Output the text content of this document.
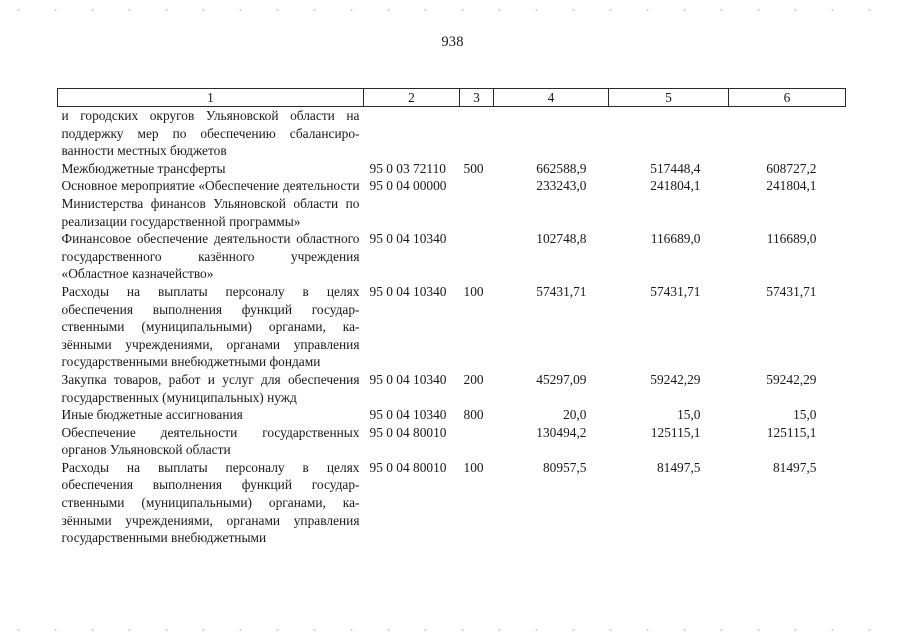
938
1	2	3	4	5	6
и городских округов Ульяновской области на поддержку мер по обеспечению сбалансированности местных бюджетов					
Межбюджетные трансферты	95 0 03 72110	500	662588,9	517448,4	608727,2
Основное мероприятие «Обеспечение деятельности Министерства финансов Ульяновской области по реализации государственной программы»	95 0 04 00000		233243,0	241804,1	241804,1
Финансовое обеспечение деятельности областного государственного казённого учреждения «Областное казначейство»	95 0 04 10340		102748,8	116689,0	116689,0
Расходы на выплаты персоналу в целях обеспечения выполнения функций государственными (муниципальными) органами, казёнными учреждениями, органами управления государственными внебюджетными фондами	95 0 04 10340	100	57431,71	57431,71	57431,71
Закупка товаров, работ и услуг для обеспечения государственных (муниципальных) нужд	95 0 04 10340	200	45297,09	59242,29	59242,29
Иные бюджетные ассигнования	95 0 04 10340	800	20,0	15,0	15,0
Обеспечение деятельности государственных органов Ульяновской области	95 0 04 80010		130494,2	125115,1	125115,1
Расходы на выплаты персоналу в целях обеспечения выполнения функций государственными (муниципальными) органами, казёнными учреждениями, органами управления государственными внебюджетными	95 0 04 80010	100	80957,5	81497,5	81497,5
